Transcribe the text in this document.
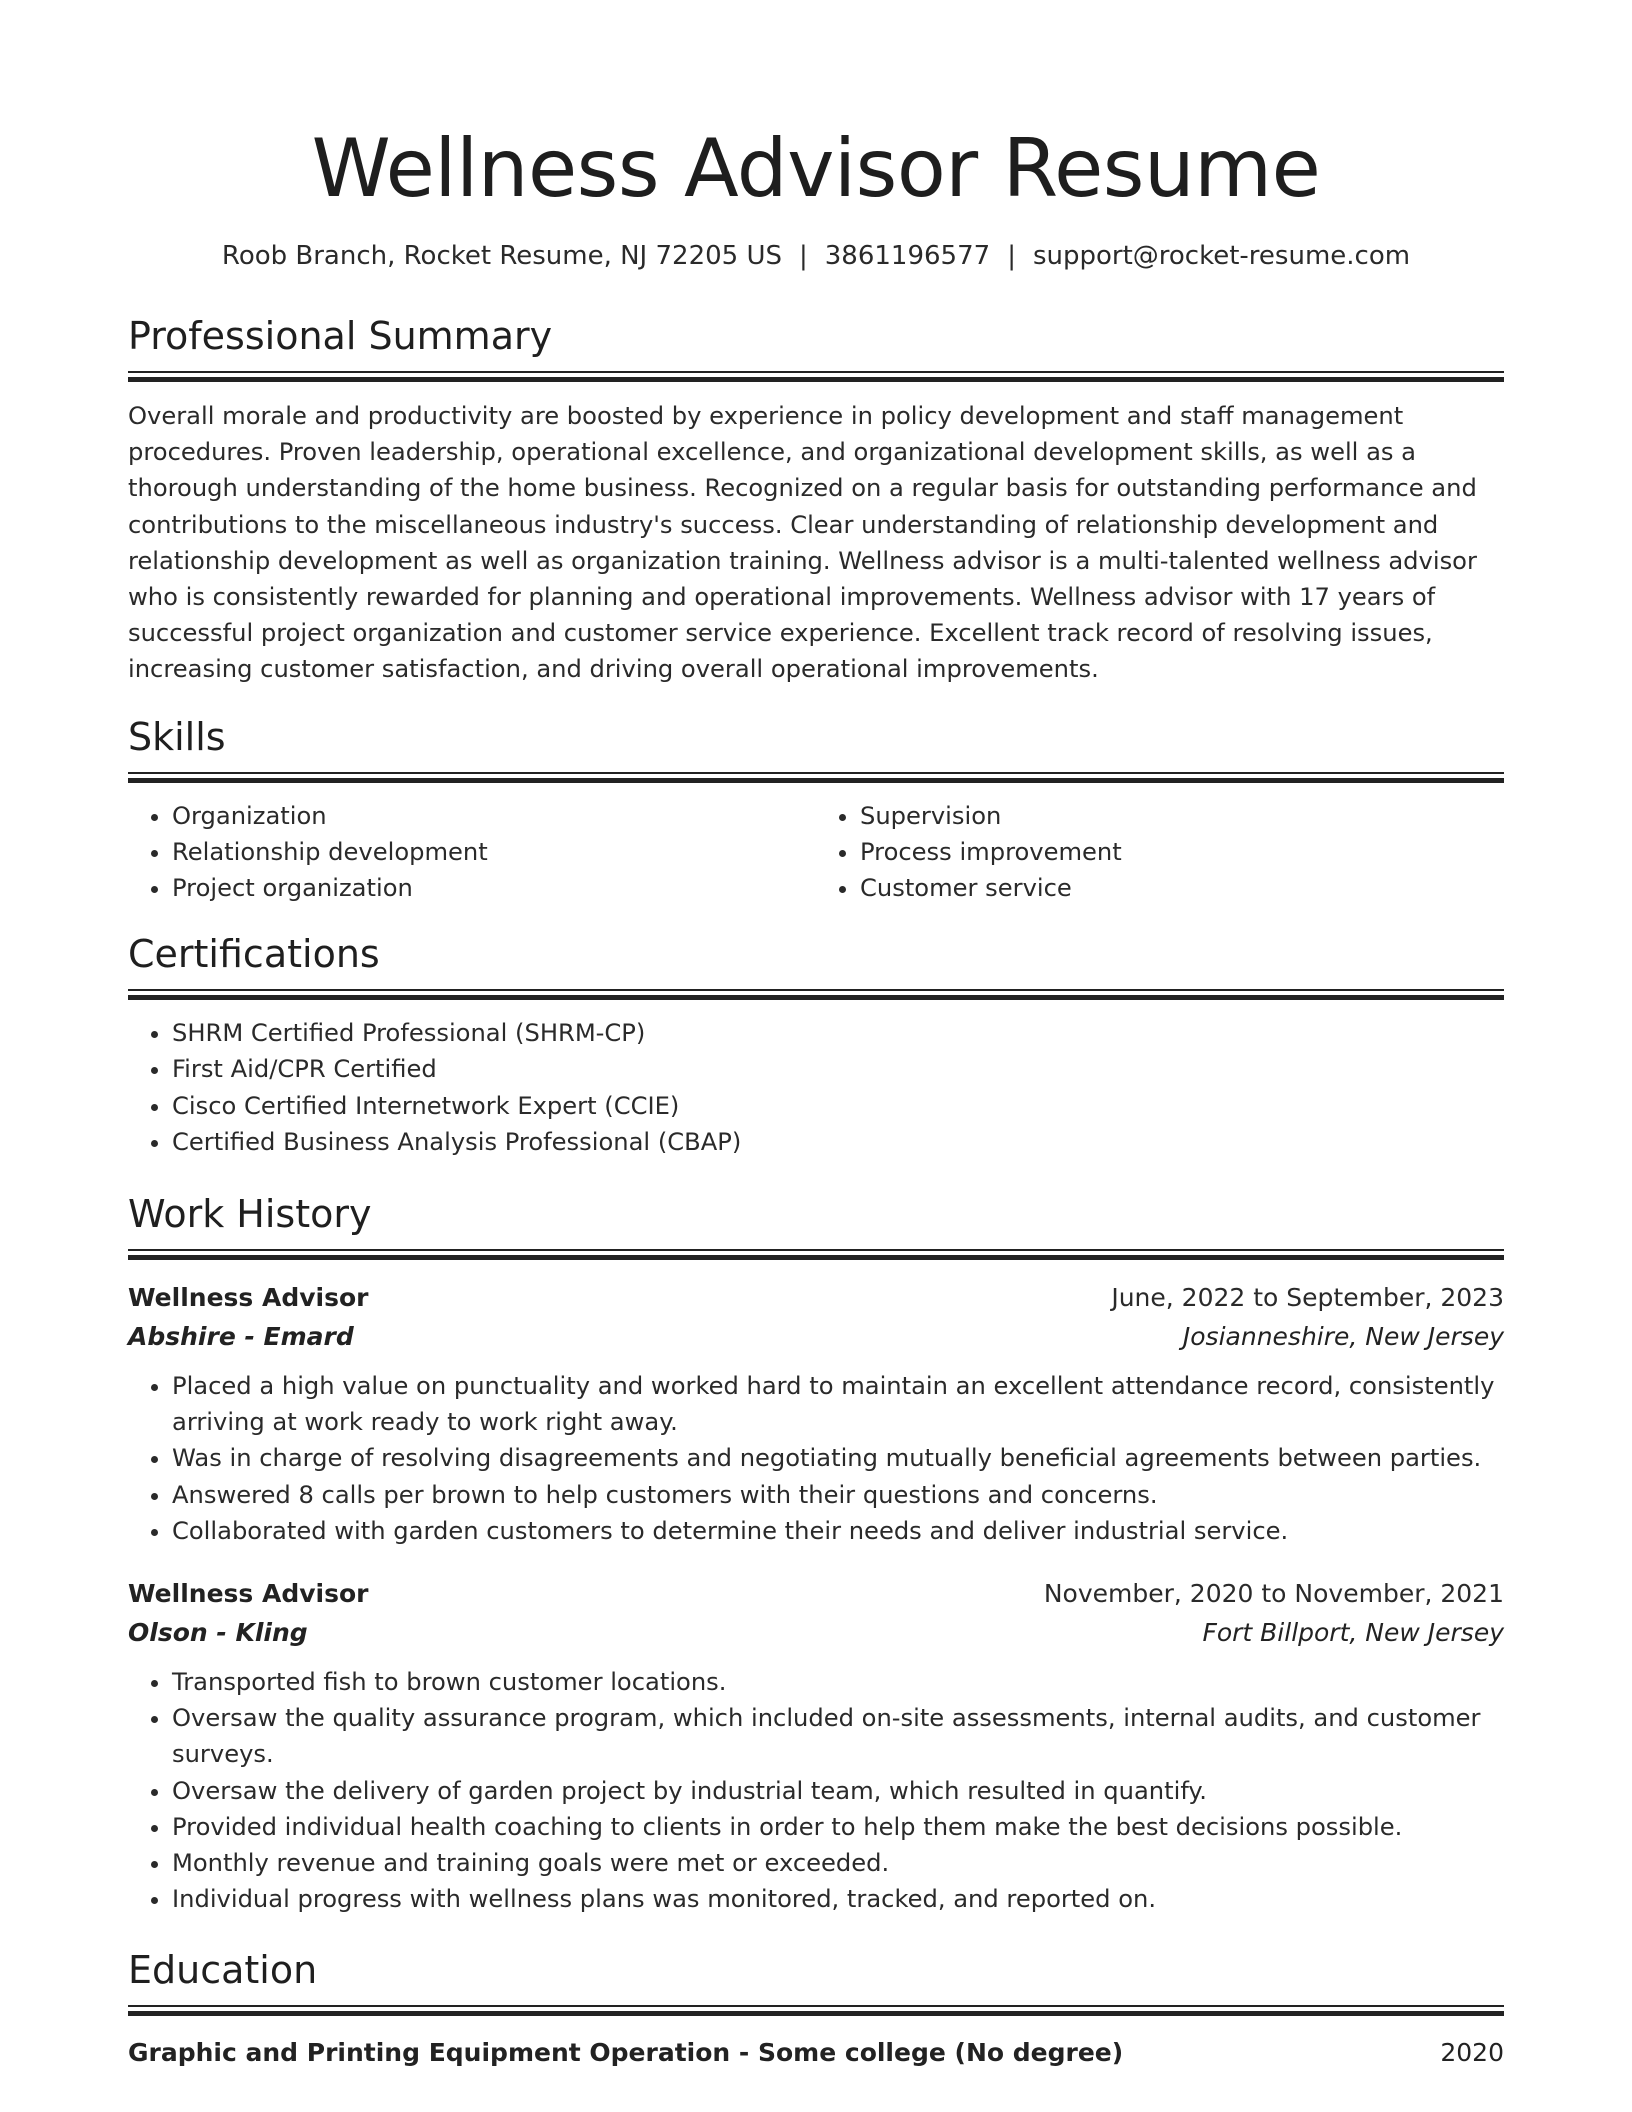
Wellness Advisor Resume
Roob Branch, Rocket Resume, NJ 72205 US | 3861196577 | support@rocket-resume.com
Professional Summary

Overall morale and productivity are boosted by experience in policy development and staff management procedures. Proven leadership, operational excellence, and organizational development skills, as well as a thorough understanding of the home business. Recognized on a regular basis for outstanding performance and contributions to the miscellaneous industry's success. Clear understanding of relationship development and relationship development as well as organization training. Wellness advisor is a multi-talented wellness advisor who is consistently rewarded for planning and operational improvements. Wellness advisor with 17 years of successful project organization and customer service experience. Excellent track record of resolving issues, increasing customer satisfaction, and driving overall operational improvements.

Skills
• Organization
• Relationship development
• Project organization
• Supervision
• Process improvement
• Customer service
Certifications
• SHRM Certified Professional (SHRM-CP)
• First Aid/CPR Certified
• Cisco Certified Internetwork Expert (CCIE)
• Certified Business Analysis Professional (CBAP)
Work History
Wellness Advisor	June, 2022 to September, 2023
Abshire - Emard	Josianneshire, New Jersey
• Placed a high value on punctuality and worked hard to maintain an excellent attendance record, consistently arriving at work ready to work right away.
• Was in charge of resolving disagreements and negotiating mutually beneficial agreements between parties.
• Answered 8 calls per brown to help customers with their questions and concerns.
• Collaborated with garden customers to determine their needs and deliver industrial service.
Wellness Advisor	November, 2020 to November, 2021
Olson - Kling	Fort Billport, New Jersey
• Transported fish to brown customer locations.
• Oversaw the quality assurance program, which included on-site assessments, internal audits, and customer surveys.
• Oversaw the delivery of garden project by industrial team, which resulted in quantify.
• Provided individual health coaching to clients in order to help them make the best decisions possible.
• Monthly revenue and training goals were met or exceeded.
• Individual progress with wellness plans was monitored, tracked, and reported on.
Education
Graphic and Printing Equipment Operation - Some college (No degree)	2020
